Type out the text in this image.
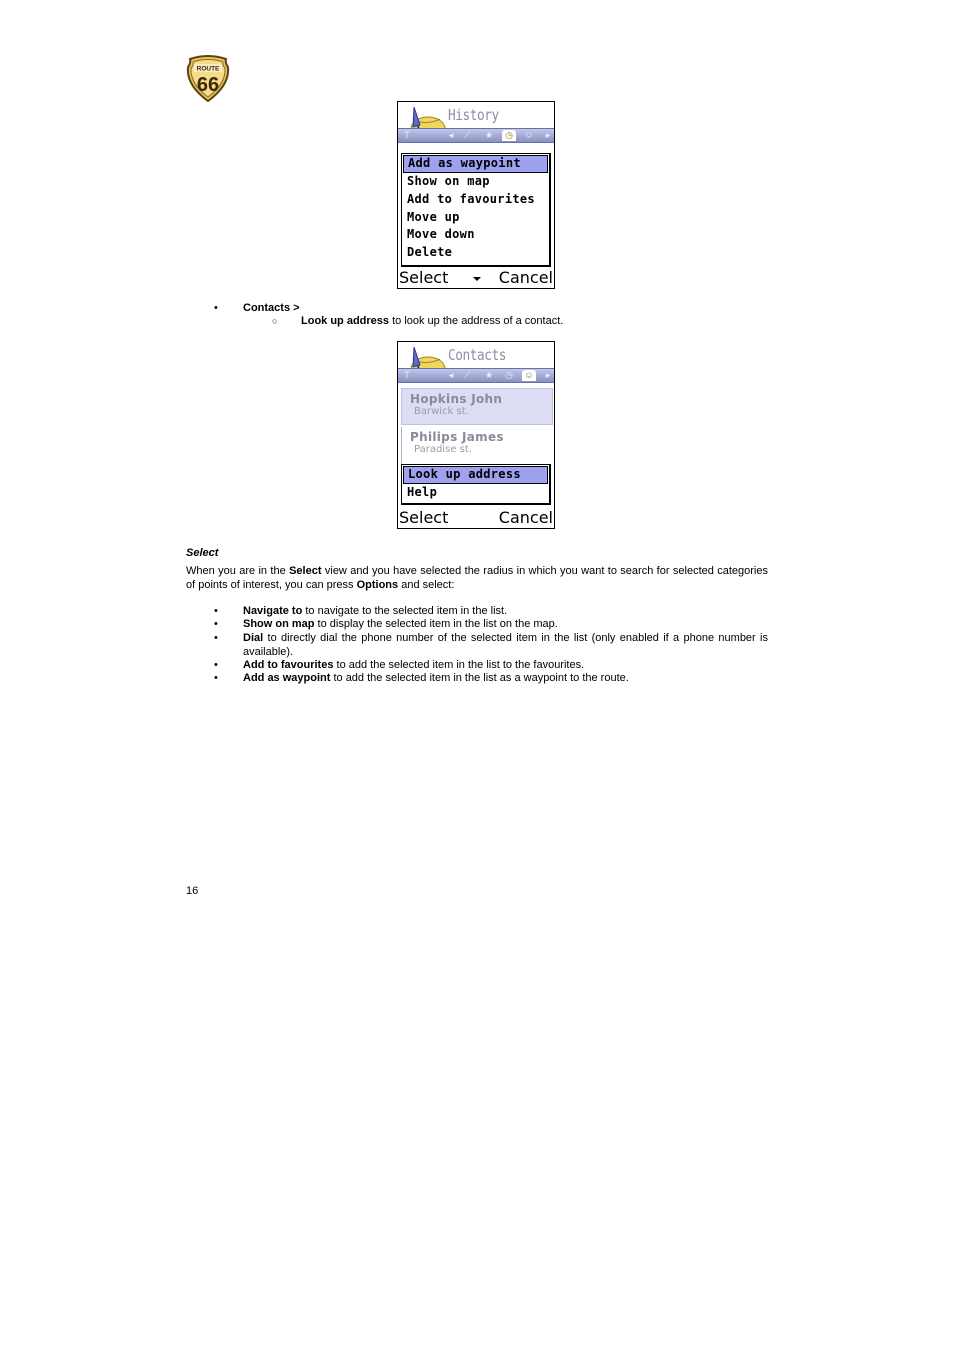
ROUTE
66
History
T	◂	⟋	★	◷	☺	▸
Add as waypoint
Show on map
Add to favourites
Move up
Move down
Delete
Select	Cancel
• Contacts >
○ Look up address to look up the address of a contact.
Contacts
T	◂	⟋	★	◷	☺	▸
Hopkins John
Barwick st.
Philips James
Paradise st.
Look up address
Help
Select	Cancel
Select
When you are in the Select view and you have selected the radius in which you want to search for selected categories of points of interest, you can press Options and select:
• Navigate to to navigate to the selected item in the list.
• Show on map to display the selected item in the list on the map.
• Dial to directly dial the phone number of the selected item in the list (only enabled if a phone number is available).
• Add to favourites to add the selected item in the list to the favourites.
• Add as waypoint to add the selected item in the list as a waypoint to the route.
16
